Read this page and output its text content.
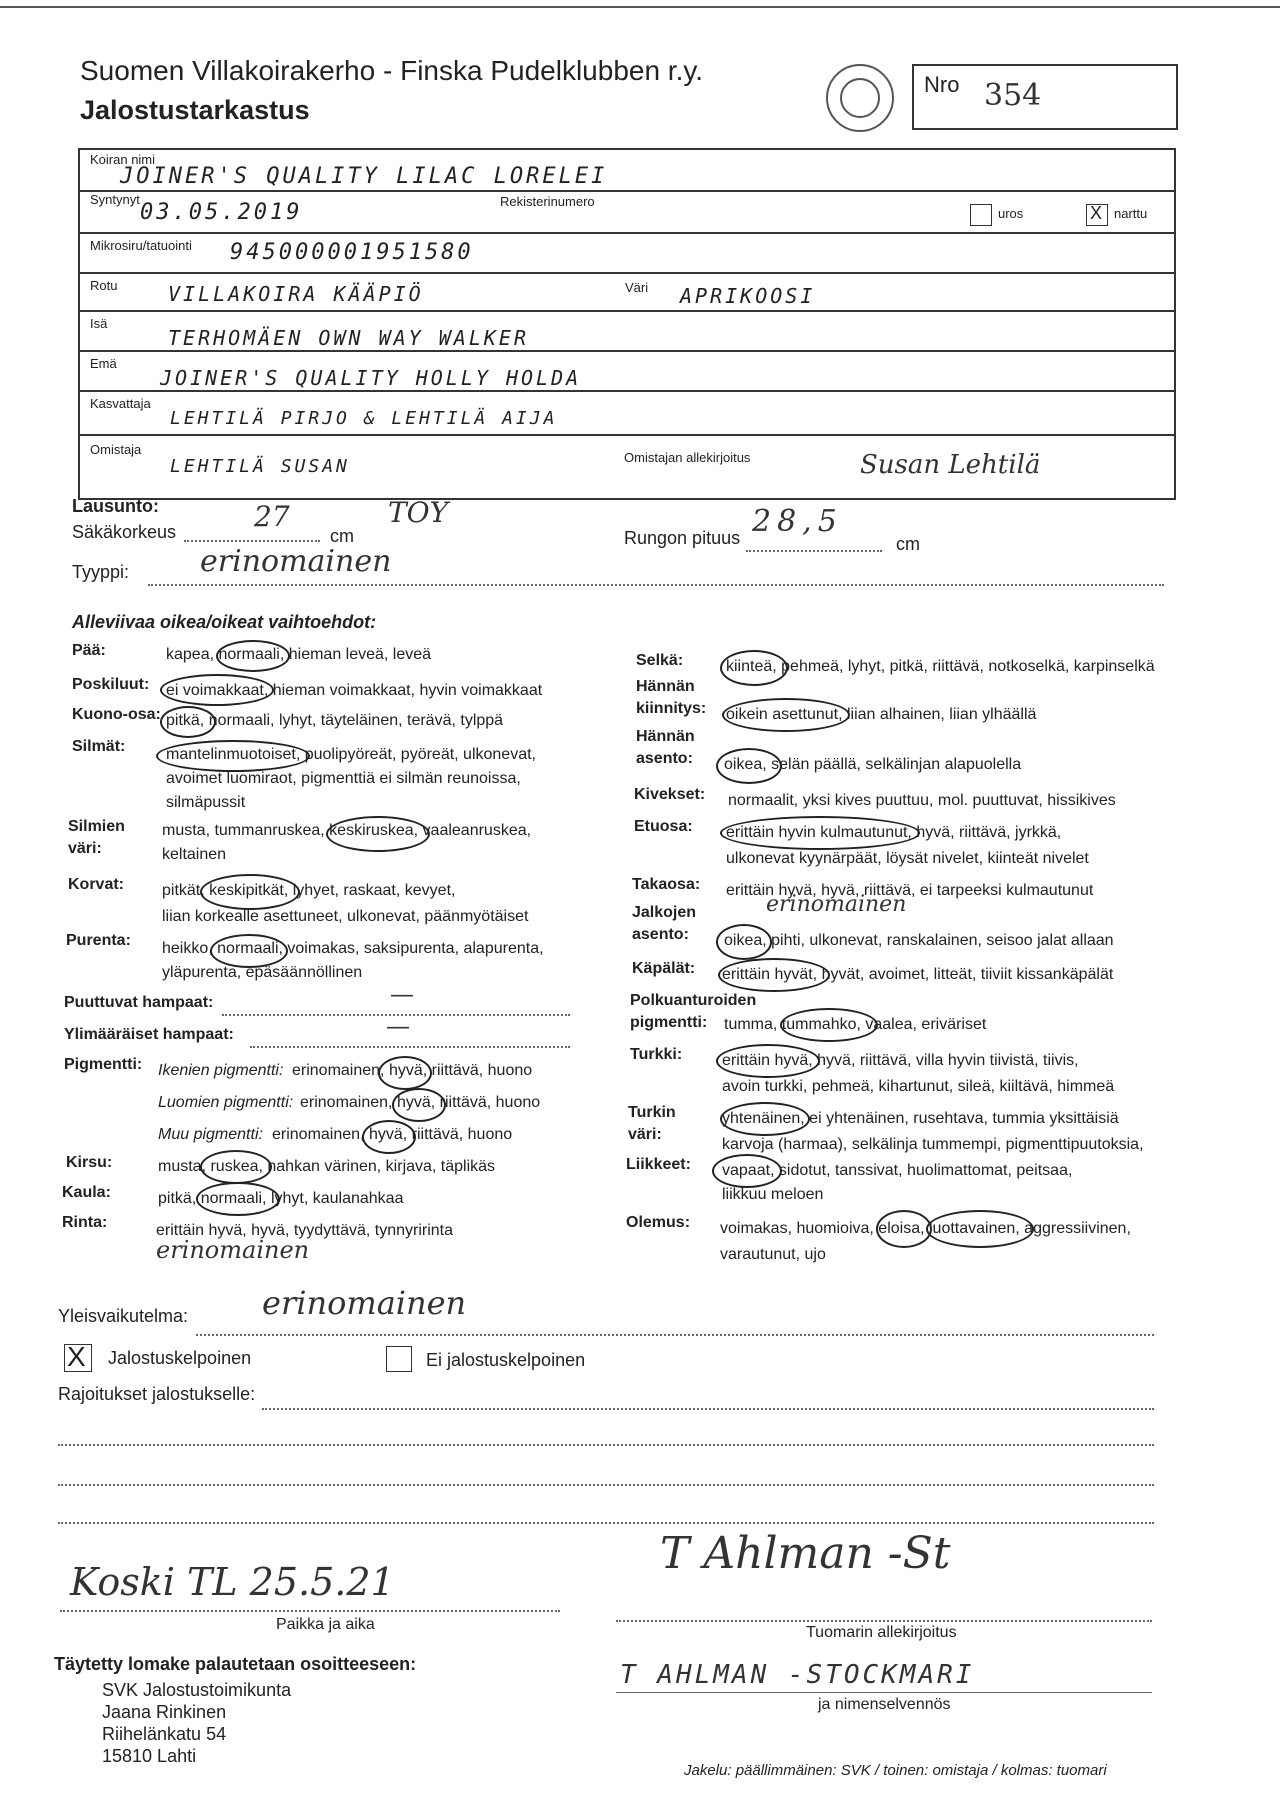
Suomen Villakoirakerho - Finska Pudelklubben r.y.
Jalostustarkastus
Nro 354
Koiran nimi
JOINER'S QUALITY LILAC LORELEI
Syntynyt
03.05.2019	Rekisterinumero
uros	X narttu
Mikrosiru/tatuointi 945000001951580
Rotu	VILLAKOIRA KÄÄPIÖ	Väri APRIKOOSI
Isä
TERHOMÄEN OWN WAY WALKER
Emä
JOINER'S QUALITY HOLLY HOLDA
Kasvattaja
LEHTILÄ PIRJO & LEHTILÄ AIJA
Omistaja
LEHTILÄ SUSAN	Omistajan allekirjoitus	Susan Lehtilä
Lausunto:
Säkäkorkeus	27
cm
TOY
Rungon pituus 28,5
cm
Tyyppi: erinomainen
Alleviivaa oikea/oikeat vaihtoehdot:
Pää:	kapea, normaali, hieman leveä, leveä
Poskiluut: ei voimakkaat, hieman voimakkaat, hyvin voimakkaat
Kuono-osa: pitkä, normaali, lyhyt, täyteläinen, terävä, tylppä
Silmät:	mantelinmuotoiset, puolipyöreät, pyöreät, ulkonevat,
avoimet luomiraot, pigmenttiä ei silmän reunoissa,
silmäpussit
Silmien
väri:
musta, tummanruskea, keskiruskea, vaaleanruskea,
keltainen
Korvat: pitkät, keskipitkät, lyhyet, raskaat, kevyet,
liian korkealle asettuneet, ulkonevat, päänmyötäiset
Purenta: heikko, normaali, voimakas, saksipurenta, alapurenta,
yläpurenta, epäsäännöllinen
Puuttuvat hampaat:	—
Ylimääräiset hampaat:	—
Pigmentti: Ikenien pigmentti: erinomainen, hyvä, riittävä, huono
Luomien pigmentti: erinomainen, hyvä, riittävä, huono
Muu pigmentti: erinomainen, hyvä, riittävä, huono
Kirsu:	musta, ruskea, nahkan värinen, kirjava, täplikäs
Kaula:	pitkä, normaali, lyhyt, kaulanahkaa
Rinta:	erittäin hyvä, hyvä, tyydyttävä, tynnyririnta
erinomainen
Selkä:	kiinteä, pehmeä, lyhyt, pitkä, riittävä, notkoselkä, karpinselkä
Hännän
kiinnitys: oikein asettunut, liian alhainen, liian ylhäällä
Hännän
asento: oikea, selän päällä, selkälinjan alapuolella
Kivekset: normaalit, yksi kives puuttuu, mol. puuttuvat, hissikives
Etuosa: erittäin hyvin kulmautunut, hyvä, riittävä, jyrkkä,
ulkonevat kyynärpäät, löysät nivelet, kiinteät nivelet
Takaosa: erittäin hyvä, hyvä, riittävä, ei tarpeeksi kulmautunut
erinomainen
Jalkojen
asento: oikea, pihti, ulkonevat, ranskalainen, seisoo jalat allaan
Käpälät: erittäin hyvät, hyvät, avoimet, litteät, tiiviit kissankäpälät
Polkuanturoiden
pigmentti: tumma, tummahko, vaalea, eriväriset
Turkki: erittäin hyvä, hyvä, riittävä, villa hyvin tiivistä, tiivis,
avoin turkki, pehmeä, kihartunut, sileä, kiiltävä, himmeä
Turkin
väri:
yhtenäinen, ei yhtenäinen, rusehtava, tummia yksittäisiä
karvoja (harmaa), selkälinja tummempi, pigmenttipuutoksia,
Liikkeet: vapaat, sidotut, tanssivat, huolimattomat, peitsaa,
liikkuu meloen
Olemus: voimakas, huomioiva, eloisa, luottavainen, aggressiivinen,
varautunut, ujo
Yleisvaikutelma: erinomainen
X Jalostuskelpoinen	Ei jalostuskelpoinen
Rajoitukset jalostukselle:
Koski TL 25.5.21
Paikka ja aika
T Ahlman -St
Tuomarin allekirjoitus
T AHLMAN -STOCKMARI
ja nimenselvennös
Täytetty lomake palautetaan osoitteeseen:
SVK Jalostustoimikunta
Jaana Rinkinen
Riihelänkatu 54
15810 Lahti
Jakelu: päällimmäinen: SVK / toinen: omistaja / kolmas: tuomari
